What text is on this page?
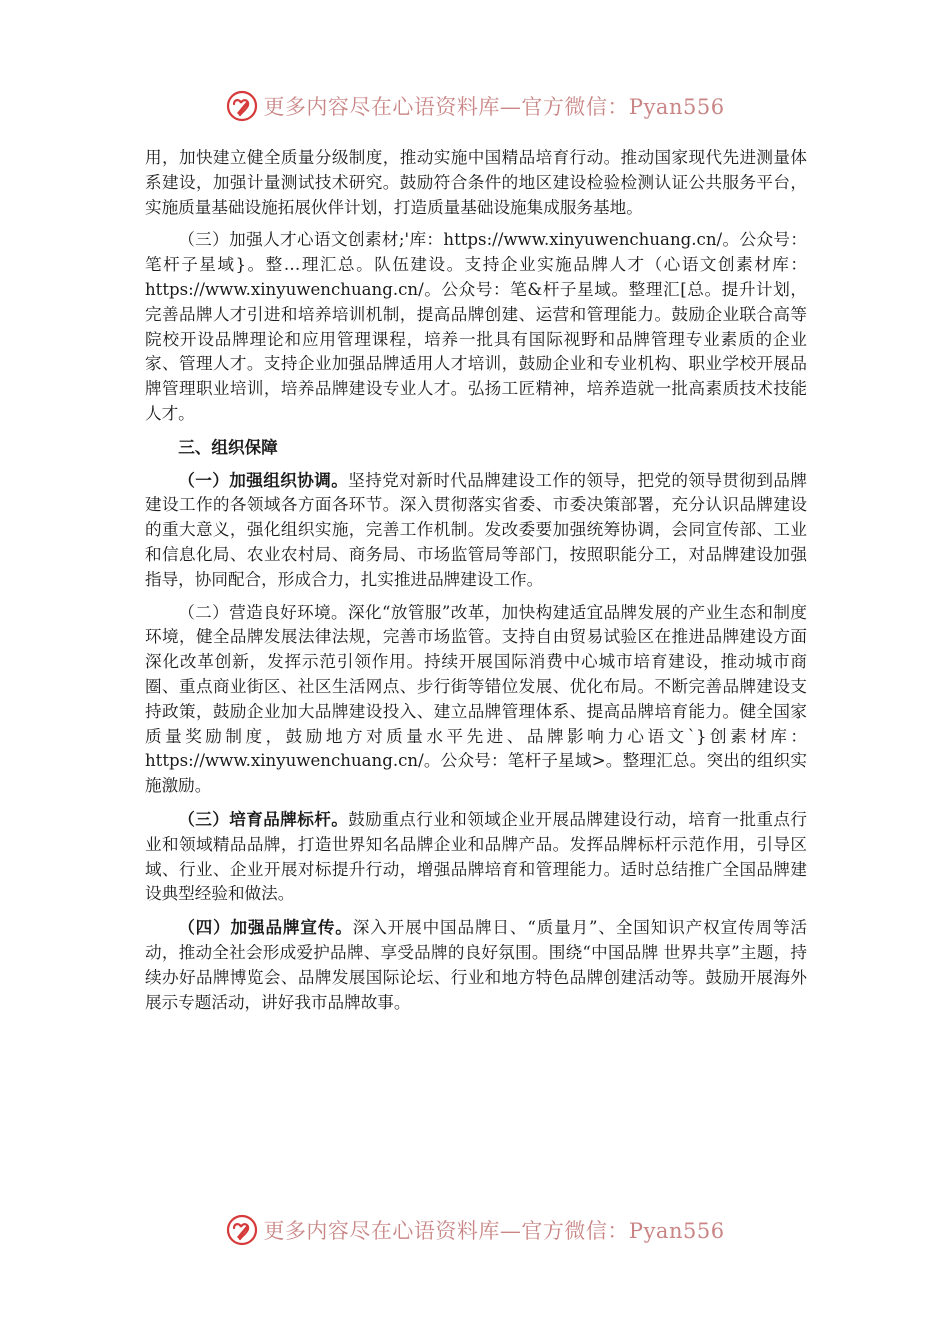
更多内容尽在心语资料库—官方微信：Pyan556

用，加快建立健全质量分级制度，推动实施中国精品培育行动。推动国家现代先进测量体系建设，加强计量测试技术研究。鼓励符合条件的地区建设检验检测认证公共服务平台，实施质量基础设施拓展伙伴计划，打造质量基础设施集成服务基地。

（三）加强人才心语文创素材;'库：https://www.xinyuwenchuang.cn/。公众号：笔杆子星域}。整…理汇总。队伍建设。支持企业实施品牌人才（心语文创素材库：https://www.xinyuwenchuang.cn/。公众号：笔&杆子星域。整理汇[总。提升计划，完善品牌人才引进和培养培训机制，提高品牌创建、运营和管理能力。鼓励企业联合高等院校开设品牌理论和应用管理课程，培养一批具有国际视野和品牌管理专业素质的企业家、管理人才。支持企业加强品牌适用人才培训，鼓励企业和专业机构、职业学校开展品牌管理职业培训，培养品牌建设专业人才。弘扬工匠精神，培养造就一批高素质技术技能人才。

三、组织保障

（一）加强组织协调。坚持党对新时代品牌建设工作的领导，把党的领导贯彻到品牌建设工作的各领域各方面各环节。深入贯彻落实省委、市委决策部署，充分认识品牌建设的重大意义，强化组织实施，完善工作机制。发改委要加强统筹协调，会同宣传部、工业和信息化局、农业农村局、商务局、市场监管局等部门，按照职能分工，对品牌建设加强指导，协同配合，形成合力，扎实推进品牌建设工作。

（二）营造良好环境。深化“放管服”改革，加快构建适宜品牌发展的产业生态和制度环境，健全品牌发展法律法规，完善市场监管。支持自由贸易试验区在推进品牌建设方面深化改革创新，发挥示范引领作用。持续开展国际消费中心城市培育建设，推动城市商圈、重点商业街区、社区生活网点、步行街等错位发展、优化布局。不断完善品牌建设支持政策，鼓励企业加大品牌建设投入、建立品牌管理体系、提高品牌培育能力。健全国家质量奖励制度，鼓励地方对质量水平先进、品牌影响力心语文`}创素材库：https://www.xinyuwenchuang.cn/。公众号：笔杆子星域>。整理汇总。突出的组织实施激励。

（三）培育品牌标杆。鼓励重点行业和领域企业开展品牌建设行动，培育一批重点行业和领域精品品牌，打造世界知名品牌企业和品牌产品。发挥品牌标杆示范作用，引导区域、行业、企业开展对标提升行动，增强品牌培育和管理能力。适时总结推广全国品牌建设典型经验和做法。

（四）加强品牌宣传。深入开展中国品牌日、“质量月”、全国知识产权宣传周等活动，推动全社会形成爱护品牌、享受品牌的良好氛围。围绕“中国品牌 世界共享”主题，持续办好品牌博览会、品牌发展国际论坛、行业和地方特色品牌创建活动等。鼓励开展海外展示专题活动，讲好我市品牌故事。

更多内容尽在心语资料库—官方微信：Pyan556
